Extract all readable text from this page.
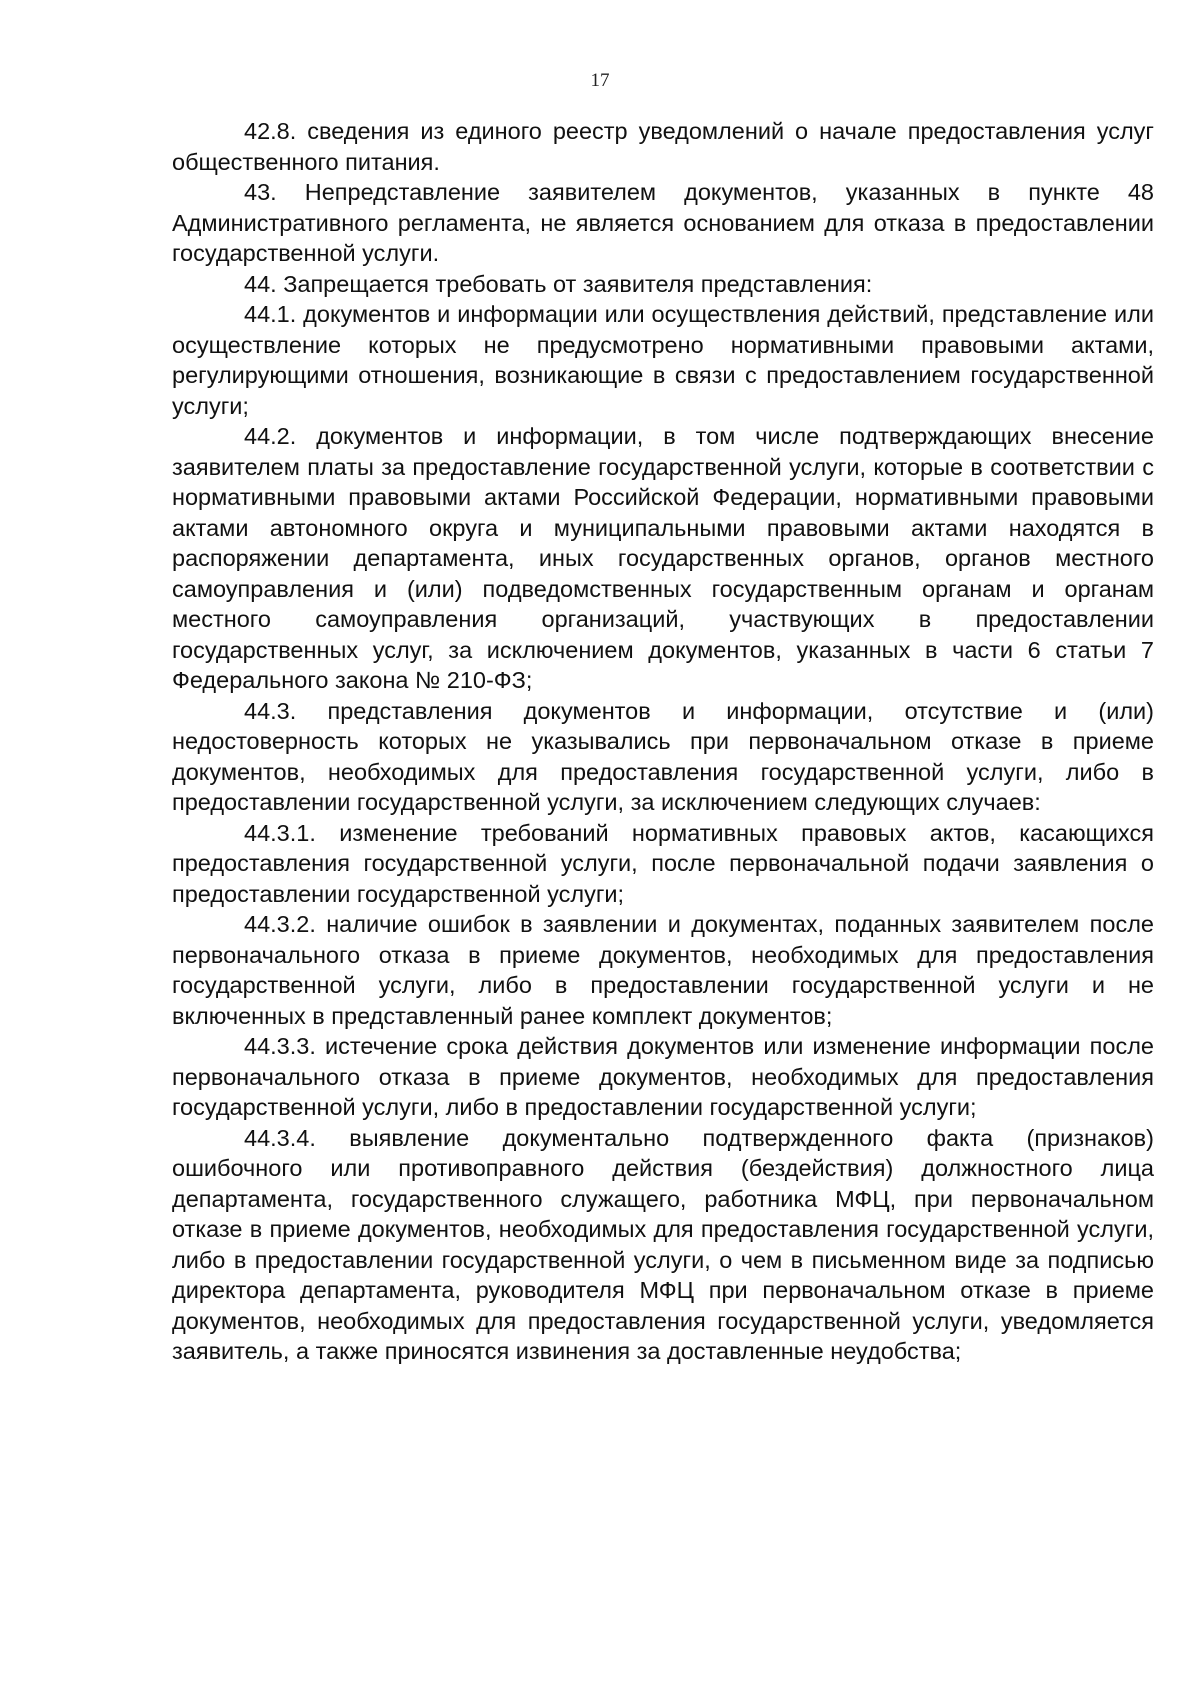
17

42.8. сведения из единого реестр уведомлений о начале предоставления услуг общественного питания.

43. Непредставление заявителем документов, указанных в пункте 48 Административного регламента, не является основанием для отказа в предоставлении государственной услуги.

44. Запрещается требовать от заявителя представления:

44.1. документов и информации или осуществления действий, представление или осуществление которых не предусмотрено нормативными правовыми актами, регулирующими отношения, возникающие в связи с предоставлением государственной услуги;

44.2. документов и информации, в том числе подтверждающих внесение заявителем платы за предоставление государственной услуги, которые в соответствии с нормативными правовыми актами Российской Федерации, нормативными правовыми актами автономного округа и муниципальными правовыми актами находятся в распоряжении департамента, иных государственных органов, органов местного самоуправления и (или) подведомственных государственным органам и органам местного самоуправления организаций, участвующих в предоставлении государственных услуг, за исключением документов, указанных в части 6 статьи 7 Федерального закона № 210-ФЗ;

44.3. представления документов и информации, отсутствие и (или) недостоверность которых не указывались при первоначальном отказе в приеме документов, необходимых для предоставления государственной услуги, либо в предоставлении государственной услуги, за исключением следующих случаев:

44.3.1. изменение требований нормативных правовых актов, касающихся предоставления государственной услуги, после первоначальной подачи заявления о предоставлении государственной услуги;

44.3.2. наличие ошибок в заявлении и документах, поданных заявителем после первоначального отказа в приеме документов, необходимых для предоставления государственной услуги, либо в предоставлении государственной услуги и не включенных в представленный ранее комплект документов;

44.3.3. истечение срока действия документов или изменение информации после первоначального отказа в приеме документов, необходимых для предоставления государственной услуги, либо в предоставлении государственной услуги;

44.3.4. выявление документально подтвержденного факта (признаков) ошибочного или противоправного действия (бездействия) должностного лица департамента, государственного служащего, работника МФЦ, при первоначальном отказе в приеме документов, необходимых для предоставления государственной услуги, либо в предоставлении государственной услуги, о чем в письменном виде за подписью директора департамента, руководителя МФЦ при первоначальном отказе в приеме документов, необходимых для предоставления государственной услуги, уведомляется заявитель, а также приносятся извинения за доставленные неудобства;
